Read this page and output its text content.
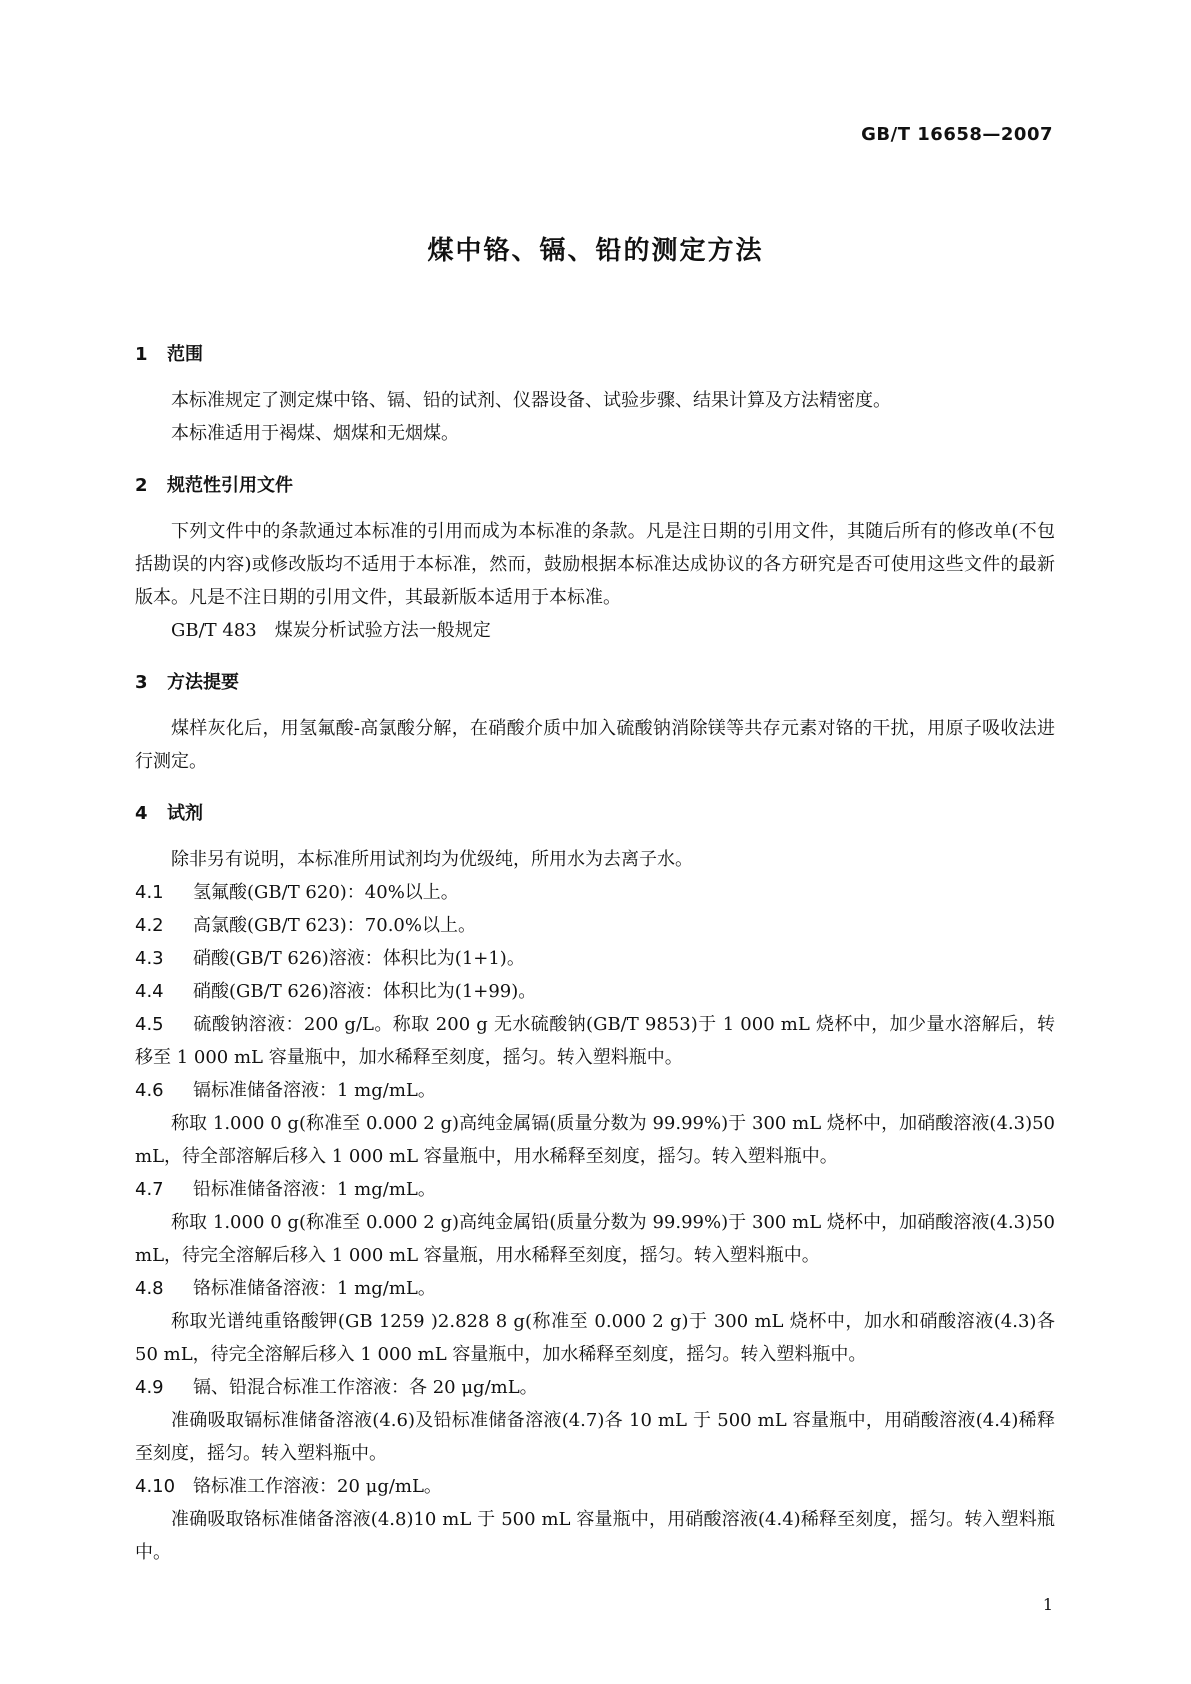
GB/T 16658—2007
煤中铬、镉、铅的测定方法
1 范围
本标准规定了测定煤中铬、镉、铅的试剂、仪器设备、试验步骤、结果计算及方法精密度。
本标准适用于褐煤、烟煤和无烟煤。
2 规范性引用文件
下列文件中的条款通过本标准的引用而成为本标准的条款。凡是注日期的引用文件，其随后所有的修改单(不包括勘误的内容)或修改版均不适用于本标准，然而，鼓励根据本标准达成协议的各方研究是否可使用这些文件的最新版本。凡是不注日期的引用文件，其最新版本适用于本标准。
GB/T 483　煤炭分析试验方法一般规定
3 方法提要
煤样灰化后，用氢氟酸-高氯酸分解，在硝酸介质中加入硫酸钠消除镁等共存元素对铬的干扰，用原子吸收法进行测定。
4 试剂
除非另有说明，本标准所用试剂均为优级纯，所用水为去离子水。
4.1	氢氟酸(GB/T 620)：40%以上。
4.2	高氯酸(GB/T 623)：70.0%以上。
4.3	硝酸(GB/T 626)溶液：体积比为(1+1)。
4.4	硝酸(GB/T 626)溶液：体积比为(1+99)。
4.5 硫酸钠溶液：200 g/L。称取 200 g 无水硫酸钠(GB/T 9853)于 1 000 mL 烧杯中，加少量水溶解后，转移至 1 000 mL 容量瓶中，加水稀释至刻度，摇匀。转入塑料瓶中。
4.6	镉标准储备溶液：1 mg/mL。
称取 1.000 0 g(称准至 0.000 2 g)高纯金属镉(质量分数为 99.99%)于 300 mL 烧杯中，加硝酸溶液(4.3)50 mL，待全部溶解后移入 1 000 mL 容量瓶中，用水稀释至刻度，摇匀。转入塑料瓶中。
4.7	铅标准储备溶液：1 mg/mL。
称取 1.000 0 g(称准至 0.000 2 g)高纯金属铅(质量分数为 99.99%)于 300 mL 烧杯中，加硝酸溶液(4.3)50 mL，待完全溶解后移入 1 000 mL 容量瓶，用水稀释至刻度，摇匀。转入塑料瓶中。
4.8	铬标准储备溶液：1 mg/mL。
称取光谱纯重铬酸钾(GB 1259 )2.828 8 g(称准至 0.000 2 g)于 300 mL 烧杯中，加水和硝酸溶液(4.3)各 50 mL，待完全溶解后移入 1 000 mL 容量瓶中，加水稀释至刻度，摇匀。转入塑料瓶中。
4.9	镉、铅混合标准工作溶液：各 20 μg/mL。
准确吸取镉标准储备溶液(4.6)及铅标准储备溶液(4.7)各 10 mL 于 500 mL 容量瓶中，用硝酸溶液(4.4)稀释至刻度，摇匀。转入塑料瓶中。
4.10 铬标准工作溶液：20 μg/mL。
准确吸取铬标准储备溶液(4.8)10 mL 于 500 mL 容量瓶中，用硝酸溶液(4.4)稀释至刻度，摇匀。转入塑料瓶中。
1
